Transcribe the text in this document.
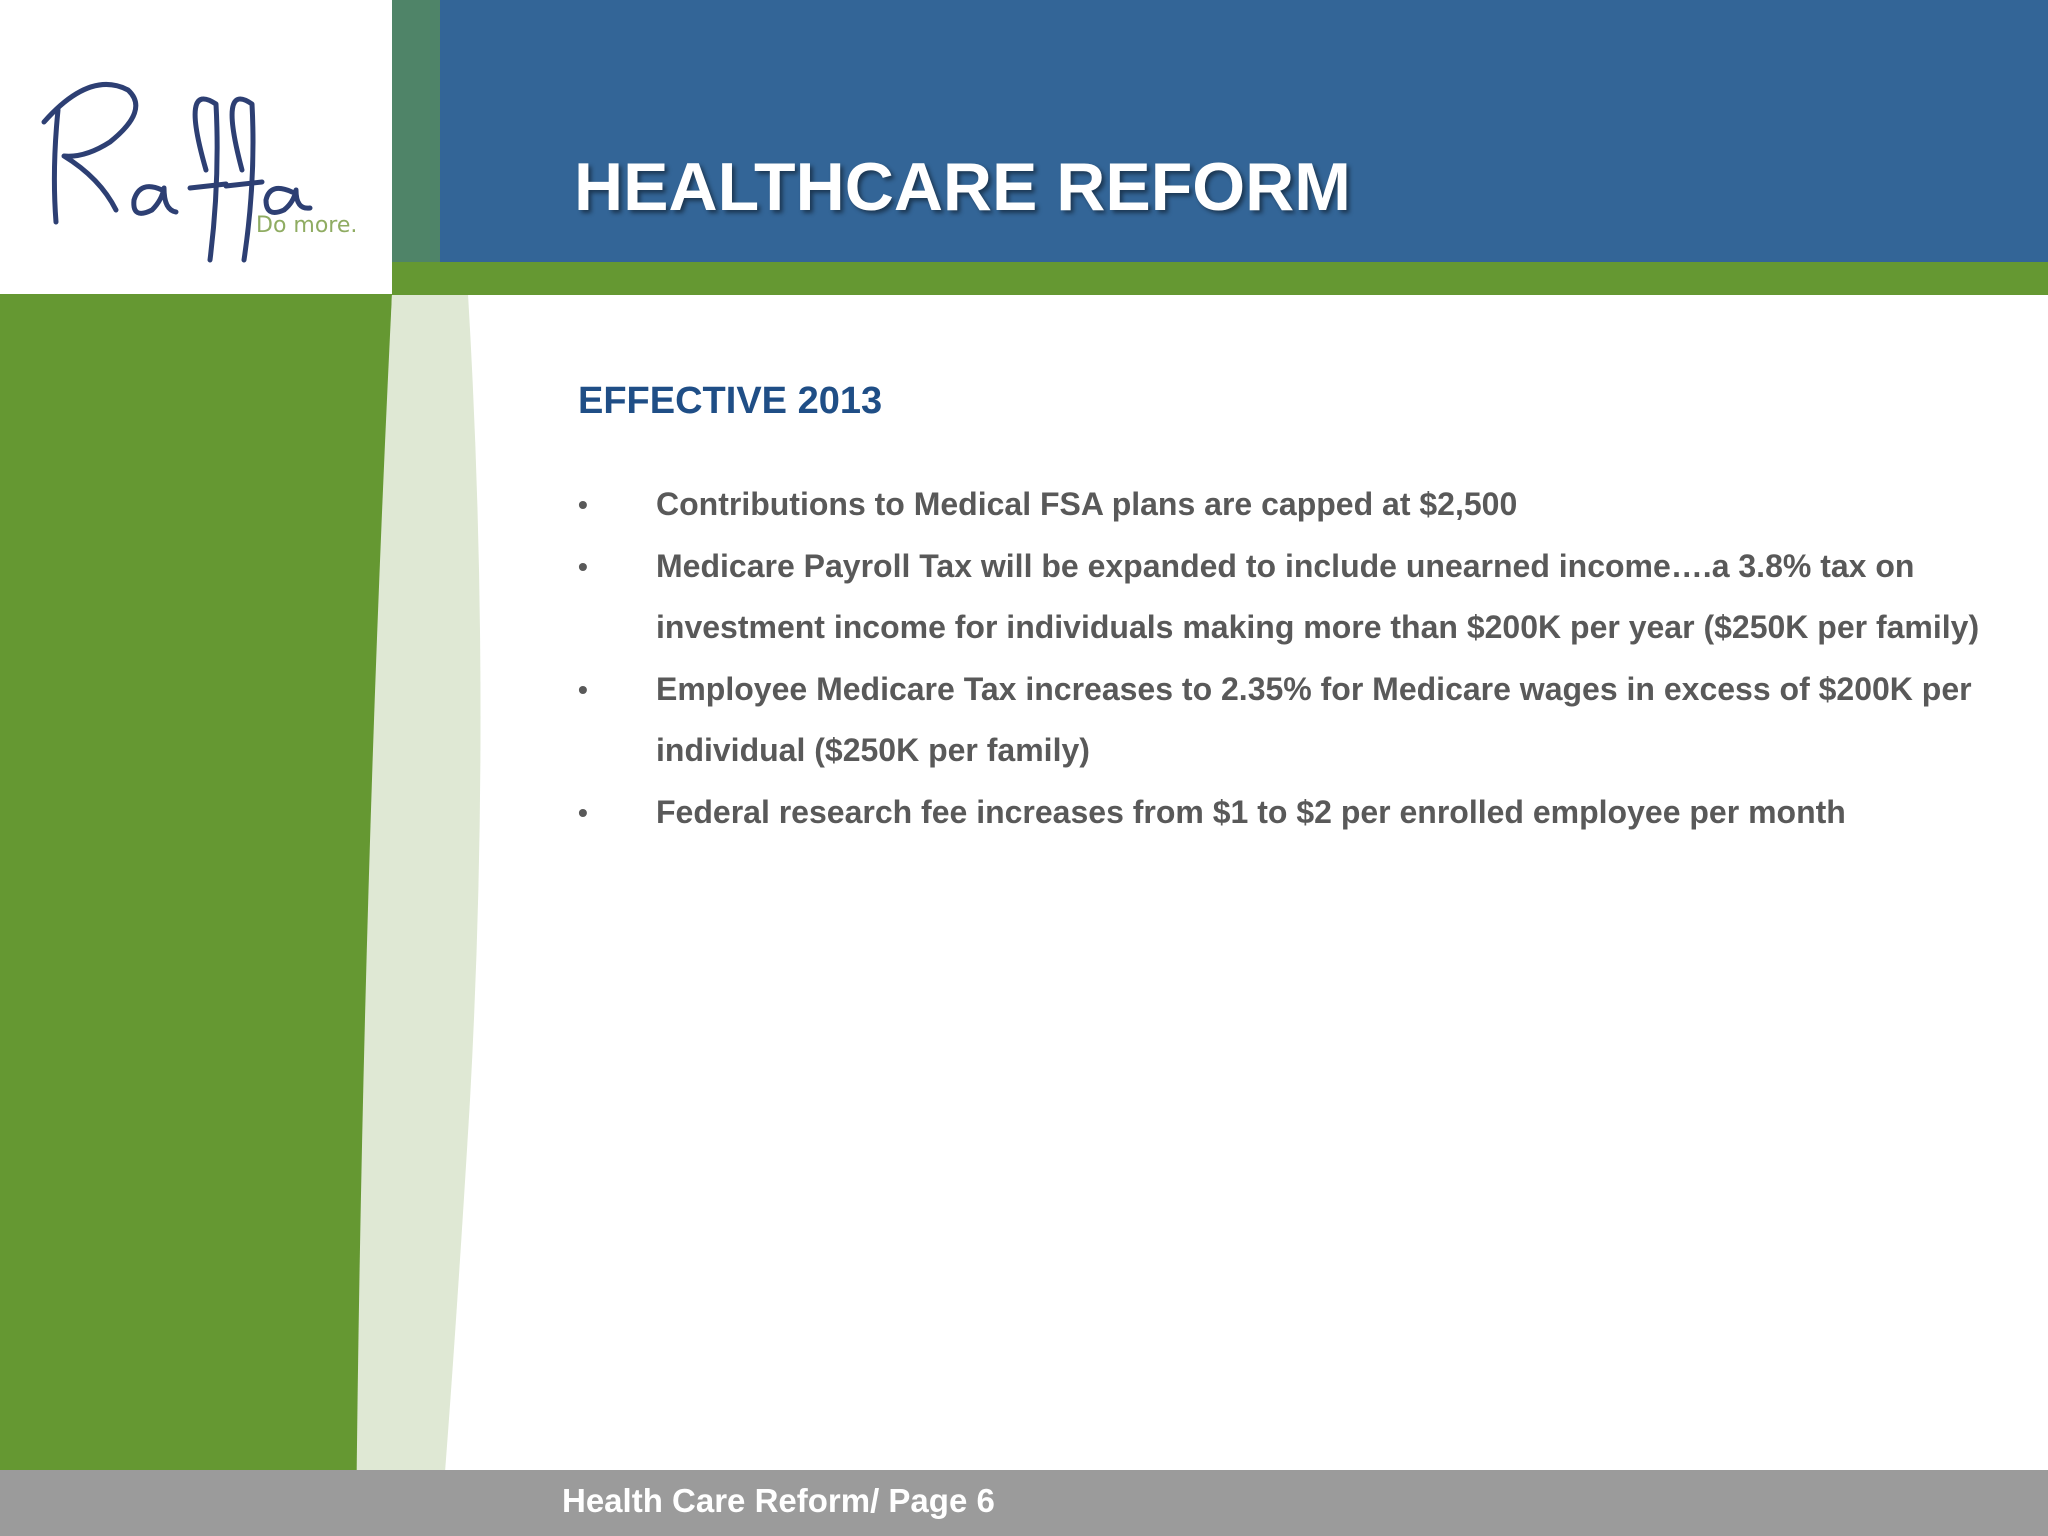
Do more.
HEALTHCARE REFORM
EFFECTIVE 2013
• Contributions to Medical FSA plans are capped at $2,500
• Medicare Payroll Tax will be expanded to include unearned income….a 3.8% tax on investment income for individuals making more than $200K per year ($250K per family)
• Employee Medicare Tax increases to 2.35% for Medicare wages in excess of $200K per individual ($250K per family)
• Federal research fee increases from $1 to $2 per enrolled employee per month
Health Care Reform/ Page 6
